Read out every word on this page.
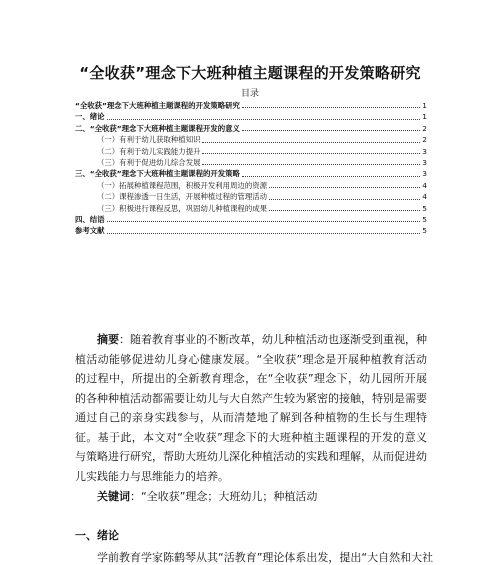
“全收获”理念下大班种植主题课程的开发策略研究
目录
“全收获”理念下大班种植主题课程的开发策略研究	1
一、绪论	1
二、“全收获”理念下大班种植主题课程开发的意义	2
（一）有利于幼儿获取种植知识	2
（二）有利于幼儿实践能力提升	3
（三）有利于促进幼儿综合发展	3
三、“全收获”理念下大班种植主题课程的开发策略	3
（一）拓展种植课程范围，积极开发利用周边的资源	4
（二）课程渗透一日生活，开展种植过程的管理活动	4
（三）积极进行课程反思，巩固幼儿种植课程的成果	5
四、结语	5
参考文献	5
摘要：随着教育事业的不断改革，幼儿种植活动也逐渐受到重视，种植活动能够促进幼儿身心健康发展。“全收获”理念是开展种植教育活动的过程中，所提出的全新教育理念，在“全收获”理念下，幼儿园所开展的各种种植活动都需要让幼儿与大自然产生较为紧密的接触，特别是需要通过自己的亲身实践参与，从而清楚地了解到各种植物的生长与生理特征。基于此，本文对“全收获”理念下的大班种植主题课程的开发的意义与策略进行研究，帮助大班幼儿深化种植活动的实践和理解，从而促进幼儿实践能力与思维能力的培养。
关键词：“全收获”理念；大班幼儿；种植活动
一、绪论
学前教育学家陈鹤琴从其“活教育”理论体系出发，提出“大自然和大社
